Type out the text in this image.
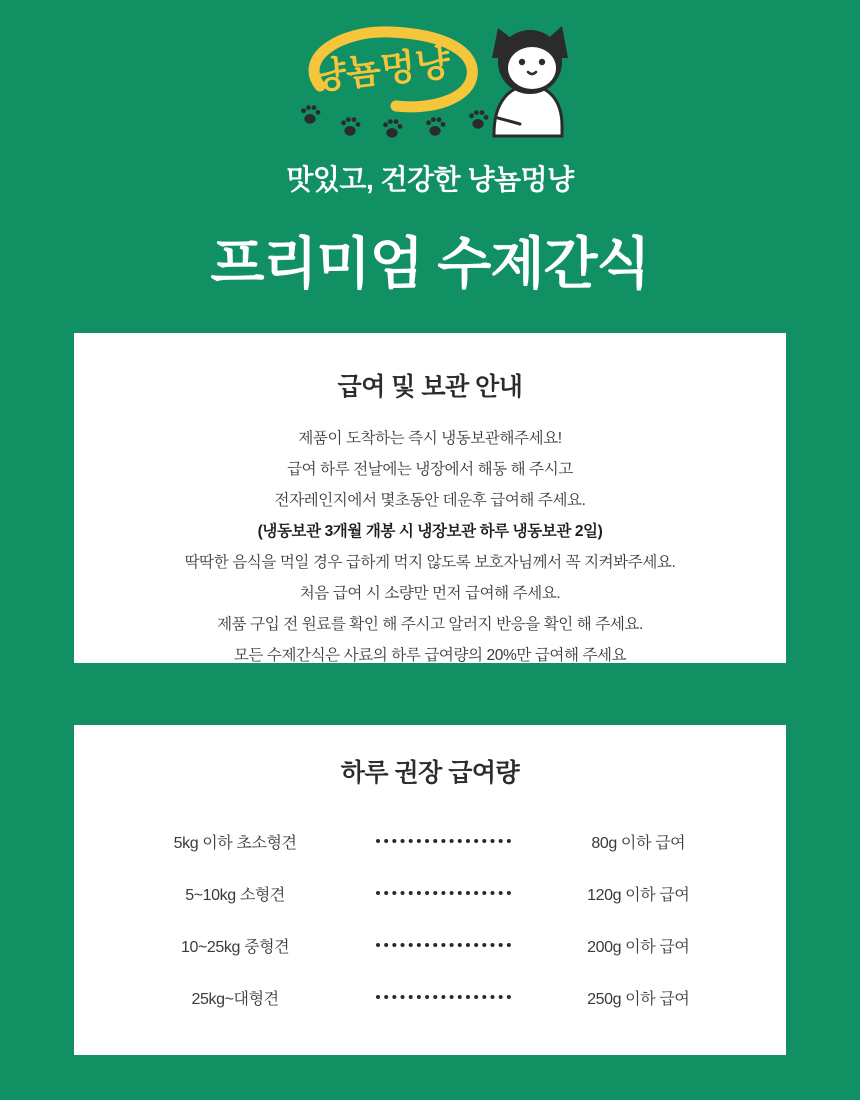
냥뇸멍냥
맛있고, 건강한 냥뇸멍냥
프리미엄 수제간식
급여 및 보관 안내
제품이 도착하는 즉시 냉동보관해주세요!
급여 하루 전날에는 냉장에서 해동 해 주시고
전자레인지에서 몇초동안 데운후 급여해 주세요.
(냉동보관 3개월 개봉 시 냉장보관 하루 냉동보관 2일)
딱딱한 음식을 먹일 경우 급하게 먹지 않도록 보호자님께서 꼭 지켜봐주세요.
처음 급여 시 소량만 먼저 급여해 주세요.
제품 구입 전 원료를 확인 해 주시고 알러지 반응을 확인 해 주세요.
모든 수제간식은 사료의 하루 급여량의 20%만 급여해 주세요
하루 권장 급여량
5kg 이하 초소형견	80g 이하 급여
5~10kg 소형견	120g 이하 급여
10~25kg 중형견	200g 이하 급여
25kg~대형견	250g 이하 급여
